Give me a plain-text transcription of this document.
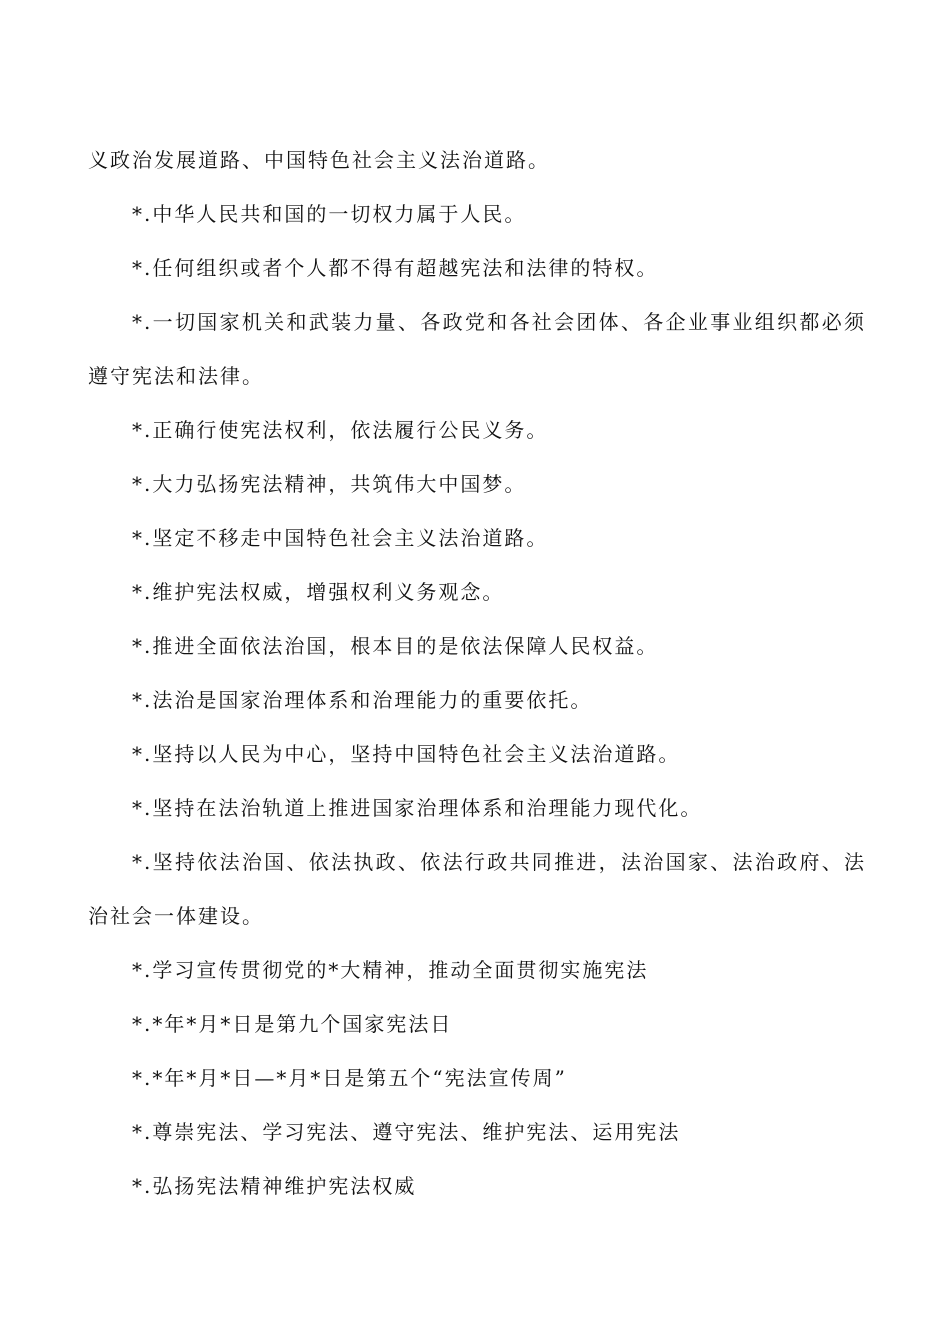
义政治发展道路、中国特色社会主义法治道路。

*.中华人民共和国的一切权力属于人民。

*.任何组织或者个人都不得有超越宪法和法律的特权。

*.一切国家机关和武装力量、各政党和各社会团体、各企业事业组织都必须遵守宪法和法律。

*.正确行使宪法权利，依法履行公民义务。

*.大力弘扬宪法精神，共筑伟大中国梦。

*.坚定不移走中国特色社会主义法治道路。

*.维护宪法权威，增强权利义务观念。

*.推进全面依法治国，根本目的是依法保障人民权益。

*.法治是国家治理体系和治理能力的重要依托。

*.坚持以人民为中心，坚持中国特色社会主义法治道路。

*.坚持在法治轨道上推进国家治理体系和治理能力现代化。

*.坚持依法治国、依法执政、依法行政共同推进，法治国家、法治政府、法治社会一体建设。

*.学习宣传贯彻党的*大精神，推动全面贯彻实施宪法

*.*年*月*日是第九个国家宪法日

*.*年*月*日—*月*日是第五个“宪法宣传周”

*.尊崇宪法、学习宪法、遵守宪法、维护宪法、运用宪法

*.弘扬宪法精神维护宪法权威
